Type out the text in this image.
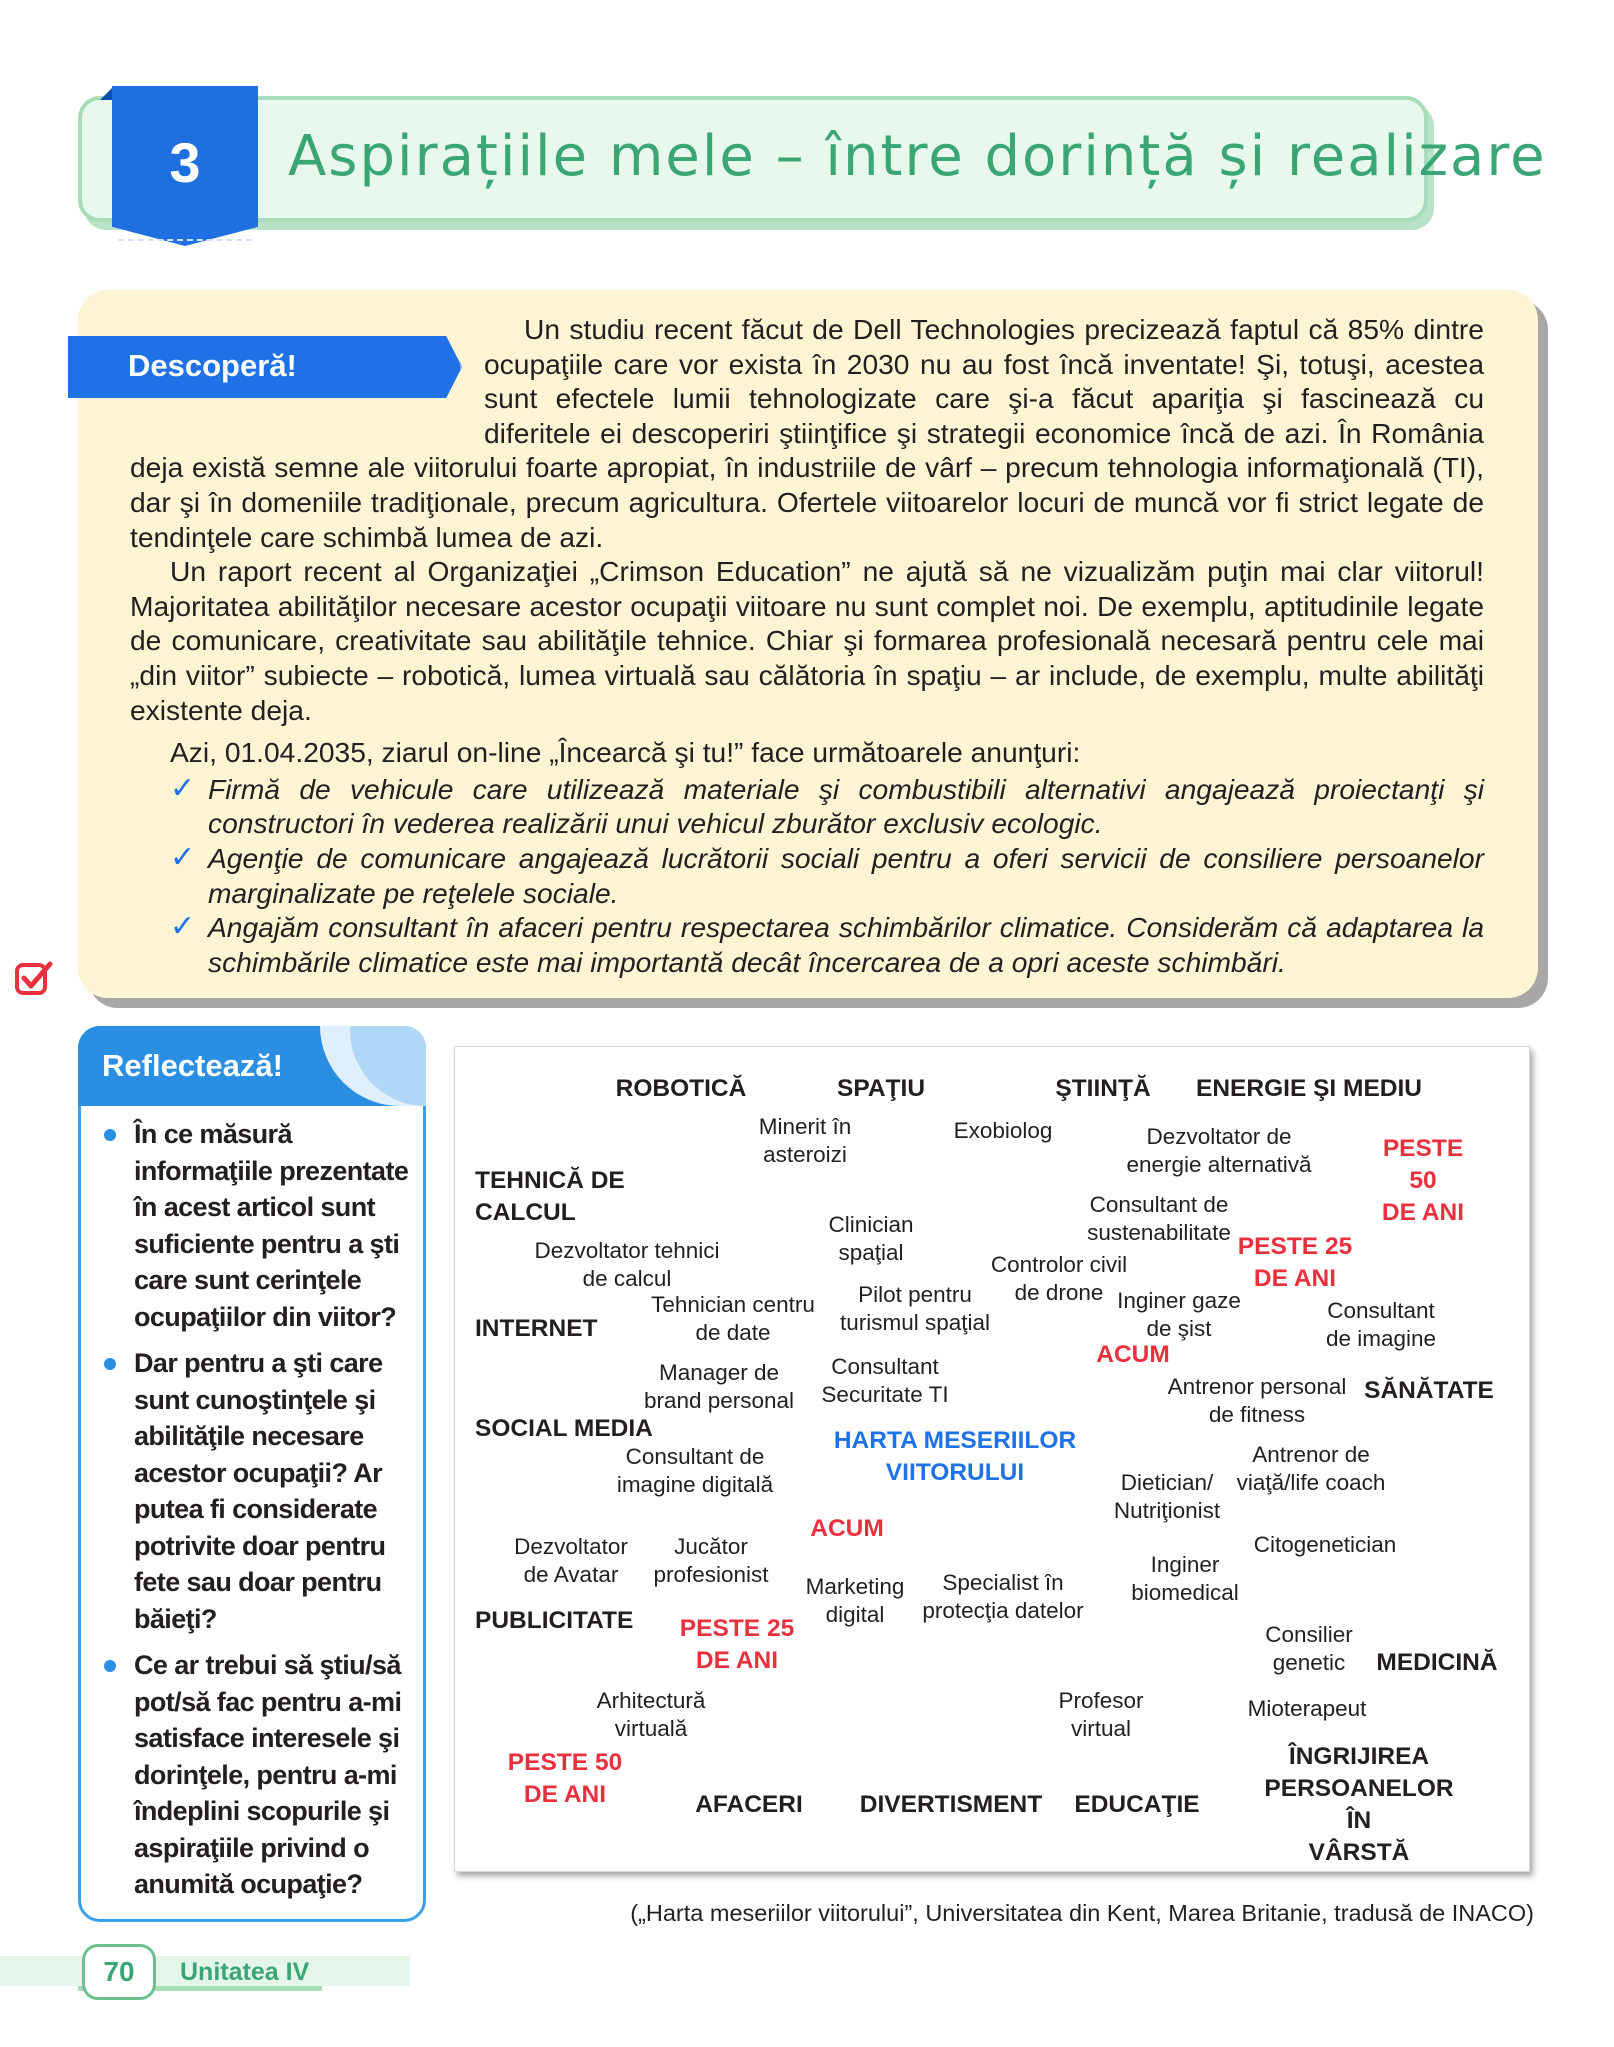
Aspirațiile mele – între dorință și realizare
3

Un studiu recent făcut de Dell Technologies precizează faptul că 85% dintre ocupaţiile care vor exista în 2030 nu au fost încă inventate! Şi, totuşi, acestea sunt efectele lumii tehnologizate care şi-a făcut apariţia şi fascinează cu diferitele ei descoperiri ştiinţifice şi strategii economice încă de azi. În România deja există semne ale viitorului foarte apropiat, în industriile de vârf – precum tehnologia informaţională (TI), dar şi în domeniile tradiţionale, precum agricultura. Ofertele viitoarelor locuri de muncă vor fi strict legate de tendinţele care schimbă lumea de azi.

Un raport recent al Organizaţiei „Crimson Education” ne ajută să ne vizualizăm puţin mai clar viitorul! Majoritatea abilităţilor necesare acestor ocupaţii viitoare nu sunt complet noi. De exemplu, aptitudinile legate de comunicare, creativitate sau abilităţile tehnice. Chiar şi formarea profesională necesară pentru cele mai „din viitor” subiecte – robotică, lumea virtuală sau călătoria în spaţiu – ar include, de exemplu, multe abilităţi existente deja.

Azi, 01.04.2035, ziarul on-line „Încearcă şi tu!” face următoarele anunţuri:

✓ Firmă de vehicule care utilizează materiale şi combustibili alternativi angajează proiectanţi şi constructori în vederea realizării unui vehicul zburător exclusiv ecologic.
✓ Agenţie de comunicare angajează lucrătorii sociali pentru a oferi servicii de consiliere persoanelor marginalizate pe reţelele sociale.
✓ Angajăm consultant în afaceri pentru respectarea schimbărilor climatice. Considerăm că adaptarea la schimbările climatice este mai importantă decât încercarea de a opri aceste schimbări.
Descoperă!
Reflectează!
În ce măsură informaţiile prezentate în acest articol sunt suficiente pentru a şti care sunt cerinţele ocupaţiilor din viitor?
Dar pentru a şti care sunt cunoştinţele şi abilităţile necesare acestor ocupaţii? Ar putea fi considerate potrivite doar pentru fete sau doar pentru băieţi?
Ce ar trebui să ştiu/să pot/să fac pentru a-mi satisface interesele şi dorinţele, pentru a-mi îndeplini scopurile şi aspiraţiile privind o anumită ocupaţie?
ROBOTICĂ	SPAŢIU	ŞTIINŢĂ ENERGIE ŞI MEDIU
TEHNICĂ DE
CALCUL
INTERNET
SOCIAL MEDIA
PUBLICITATE
AFACERI DIVERTISMENT EDUCAŢIE
SĂNĂTATE
MEDICINĂ
ÎNGRIJIREA
PERSOANELOR ÎN
VÂRSTĂ
PESTE 50
DE ANI
PESTE 25
DE ANI
ACUM
ACUM
PESTE 25
DE ANI
PESTE 50
DE ANI
HARTA MESERIILOR
VIITORULUI
Minerit în
asteroizi
Exobiolog	Dezvoltator de
energie alternativă
Consultant de
sustenabilitate
Clinician
spaţial
Dezvoltator tehnici
de calcul
Controlor civil
de drone
Pilot pentru
turismul spaţial
Inginer gaze
de şist
Consultant
de imagine
Tehnician centru
de date
Manager de
brand personal
Consultant
Securitate TI	Antrenor personal
de fitness
Consultant de
imagine digitală
Antrenor de
viaţă/life coach
Dietician/
Nutriţionist
Dezvoltator
de Avatar
Jucător
profesionist
Citogenetician
Inginer
biomedical
Marketing
digital
Specialist în
protecţia datelor
Consilier
genetic
Arhitectură
virtuală
Profesor
virtual
Mioterapeut
(„Harta meseriilor viitorului”, Universitatea din Kent, Marea Britanie, tradusă de INACO)
70	Unitatea IV
